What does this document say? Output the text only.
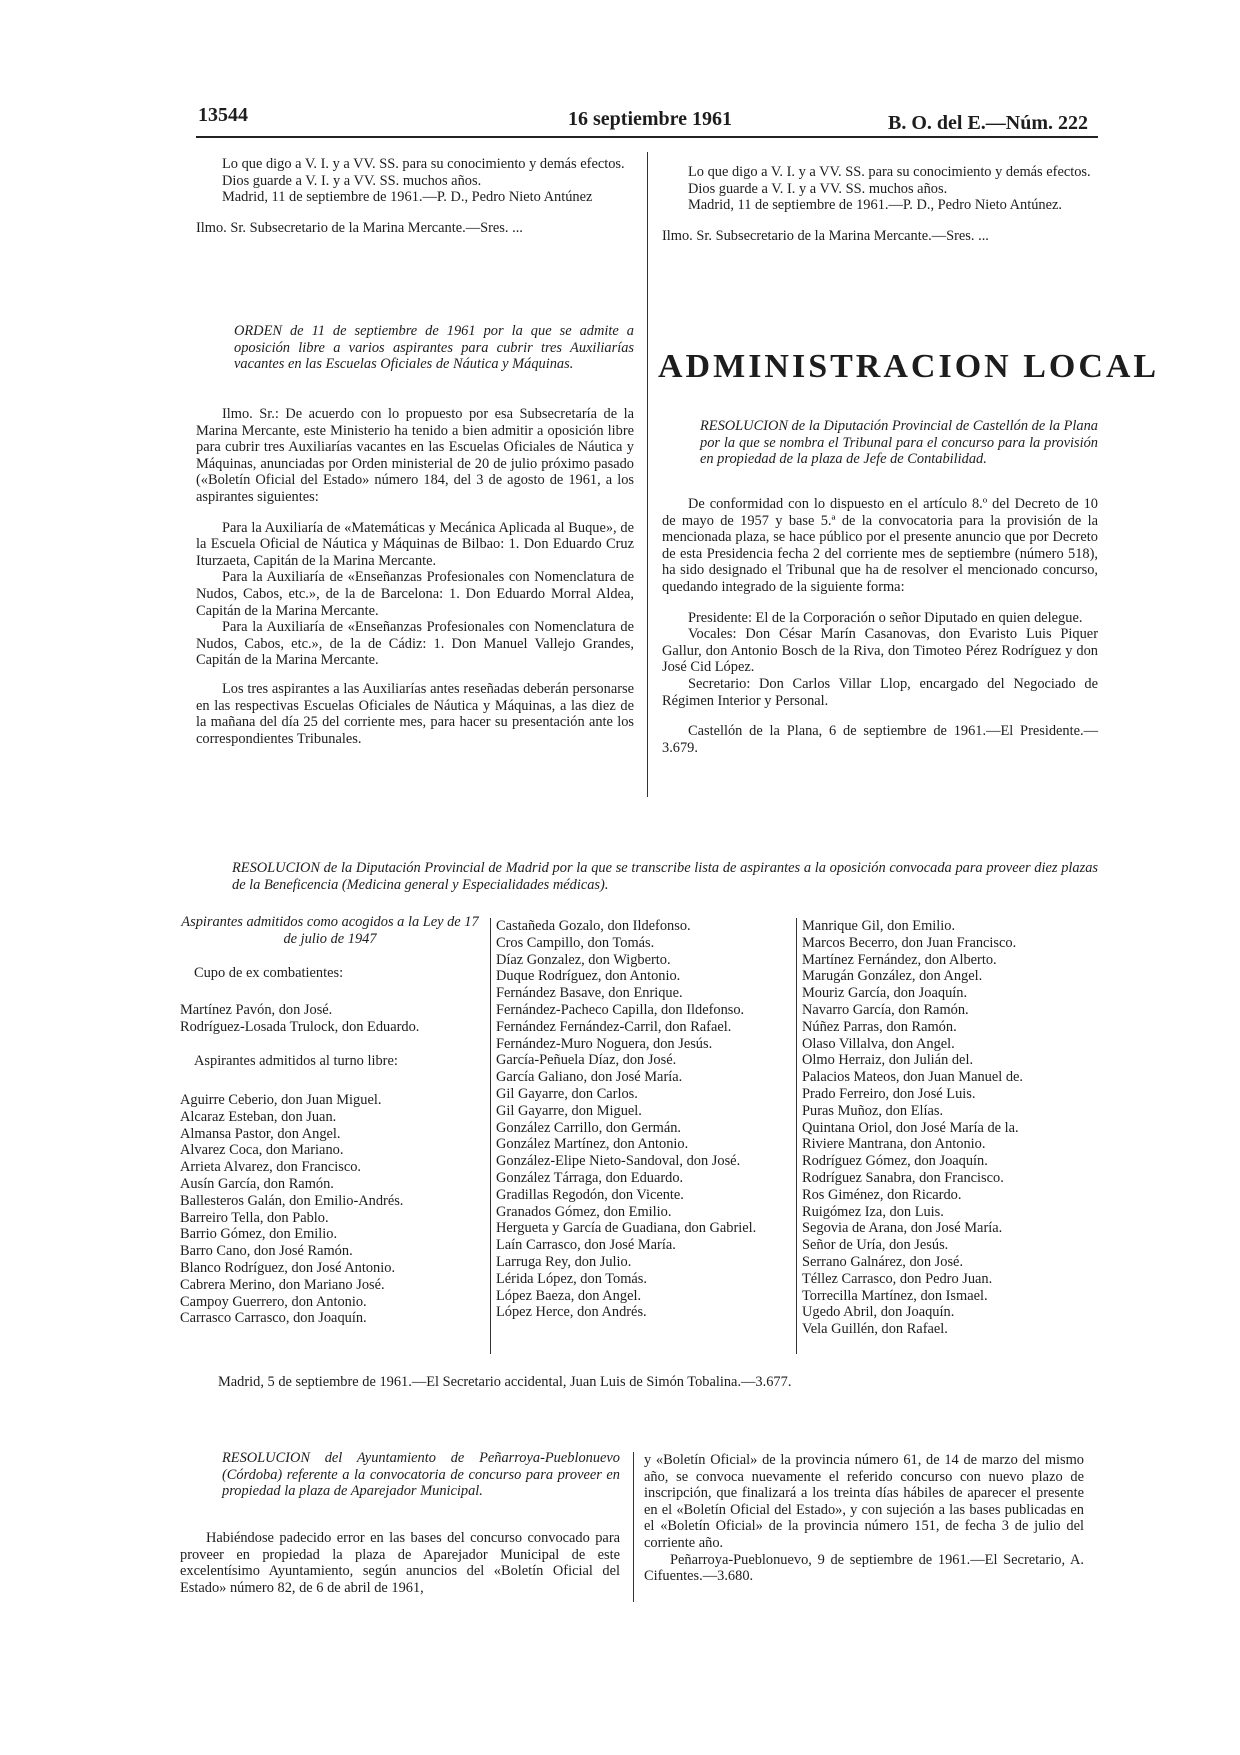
13544	16 septiembre 1961	B. O. del E.—Núm. 222

Lo que digo a V. I. y a VV. SS. para su conocimiento y demás efectos.

Dios guarde a V. I. y a VV. SS. muchos años.

Madrid, 11 de septiembre de 1961.—P. D., Pedro Nieto Antúnez

Ilmo. Sr. Subsecretario de la Marina Mercante.—Sres. ...

ORDEN de 11 de septiembre de 1961 por la que se admite a oposición libre a varios aspirantes para cubrir tres Auxiliarías vacantes en las Escuelas Oficiales de Náutica y Máquinas.

Ilmo. Sr.: De acuerdo con lo propuesto por esa Subsecretaría de la Marina Mercante, este Ministerio ha tenido a bien admitir a oposición libre para cubrir tres Auxiliarías vacantes en las Escuelas Oficiales de Náutica y Máquinas, anunciadas por Orden ministerial de 20 de julio próximo pasado («Boletín Oficial del Estado» número 184, del 3 de agosto de 1961, a los aspirantes siguientes:

Para la Auxiliaría de «Matemáticas y Mecánica Aplicada al Buque», de la Escuela Oficial de Náutica y Máquinas de Bilbao: 1. Don Eduardo Cruz Iturzaeta, Capitán de la Marina Mercante.

Para la Auxiliaría de «Enseñanzas Profesionales con Nomenclatura de Nudos, Cabos, etc.», de la de Barcelona: 1. Don Eduardo Morral Aldea, Capitán de la Marina Mercante.

Para la Auxiliaría de «Enseñanzas Profesionales con Nomenclatura de Nudos, Cabos, etc.», de la de Cádiz: 1. Don Manuel Vallejo Grandes, Capitán de la Marina Mercante.

Los tres aspirantes a las Auxiliarías antes reseñadas deberán personarse en las respectivas Escuelas Oficiales de Náutica y Máquinas, a las diez de la mañana del día 25 del corriente mes, para hacer su presentación ante los correspondientes Tribunales.

Lo que digo a V. I. y a VV. SS. para su conocimiento y demás efectos.

Dios guarde a V. I. y a VV. SS. muchos años.

Madrid, 11 de septiembre de 1961.—P. D., Pedro Nieto Antúnez.

Ilmo. Sr. Subsecretario de la Marina Mercante.—Sres. ...

ADMINISTRACION LOCAL
RESOLUCION de la Diputación Provincial de Castellón de la Plana por la que se nombra el Tribunal para el concurso para la provisión en propiedad de la plaza de Jefe de Contabilidad.

De conformidad con lo dispuesto en el artículo 8.º del Decreto de 10 de mayo de 1957 y base 5.ª de la convocatoria para la provisión de la mencionada plaza, se hace público por el presente anuncio que por Decreto de esta Presidencia fecha 2 del corriente mes de septiembre (número 518), ha sido designado el Tribunal que ha de resolver el mencionado concurso, quedando integrado de la siguiente forma:

Presidente: El de la Corporación o señor Diputado en quien delegue.

Vocales: Don César Marín Casanovas, don Evaristo Luis Piquer Gallur, don Antonio Bosch de la Riva, don Timoteo Pérez Rodríguez y don José Cid López.

Secretario: Don Carlos Villar Llop, encargado del Negociado de Régimen Interior y Personal.

Castellón de la Plana, 6 de septiembre de 1961.—El Presidente.—3.679.

RESOLUCION de la Diputación Provincial de Madrid por la que se transcribe lista de aspirantes a la oposición convocada para proveer diez plazas de la Beneficencia (Medicina general y Especialidades médicas).
Aspirantes admitidos como acogidos a la Ley de 17 de julio de 1947
Cupo de ex combatientes:
Martínez Pavón, don José.
Rodríguez-Losada Trulock, don Eduardo.
Aspirantes admitidos al turno libre:
Aguirre Ceberio, don Juan Miguel.
Alcaraz Esteban, don Juan.
Almansa Pastor, don Angel.
Alvarez Coca, don Mariano.
Arrieta Alvarez, don Francisco.
Ausín García, don Ramón.
Ballesteros Galán, don Emilio-Andrés.
Barreiro Tella, don Pablo.
Barrio Gómez, don Emilio.
Barro Cano, don José Ramón.
Blanco Rodríguez, don José Antonio.
Cabrera Merino, don Mariano José.
Campoy Guerrero, don Antonio.
Carrasco Carrasco, don Joaquín.
Castañeda Gozalo, don Ildefonso.
Cros Campillo, don Tomás.
Díaz Gonzalez, don Wigberto.
Duque Rodríguez, don Antonio.
Fernández Basave, don Enrique.
Fernández-Pacheco Capilla, don Ildefonso.
Fernández Fernández-Carril, don Rafael.
Fernández-Muro Noguera, don Jesús.
García-Peñuela Díaz, don José.
García Galiano, don José María.
Gil Gayarre, don Carlos.
Gil Gayarre, don Miguel.
González Carrillo, don Germán.
González Martínez, don Antonio.
González-Elipe Nieto-Sandoval, don José.
González Tárraga, don Eduardo.
Gradillas Regodón, don Vicente.
Granados Gómez, don Emilio.
Hergueta y García de Guadiana, don Gabriel.
Laín Carrasco, don José María.
Larruga Rey, don Julio.
Lérida López, don Tomás.
López Baeza, don Angel.
López Herce, don Andrés.
Manrique Gil, don Emilio.
Marcos Becerro, don Juan Francisco.
Martínez Fernández, don Alberto.
Marugán González, don Angel.
Mouriz García, don Joaquín.
Navarro García, don Ramón.
Núñez Parras, don Ramón.
Olaso Villalva, don Angel.
Olmo Herraiz, don Julián del.
Palacios Mateos, don Juan Manuel de.
Prado Ferreiro, don José Luis.
Puras Muñoz, don Elías.
Quintana Oriol, don José María de la.
Riviere Mantrana, don Antonio.
Rodríguez Gómez, don Joaquín.
Rodríguez Sanabra, don Francisco.
Ros Giménez, don Ricardo.
Ruigómez Iza, don Luis.
Segovia de Arana, don José María.
Señor de Uría, don Jesús.
Serrano Galnárez, don José.
Téllez Carrasco, don Pedro Juan.
Torrecilla Martínez, don Ismael.
Ugedo Abril, don Joaquín.
Vela Guillén, don Rafael.
Madrid, 5 de septiembre de 1961.—El Secretario accidental, Juan Luis de Simón Tobalina.—3.677.
RESOLUCION del Ayuntamiento de Peñarroya-Pueblonuevo (Córdoba) referente a la convocatoria de concurso para proveer en propiedad la plaza de Aparejador Municipal.

Habiéndose padecido error en las bases del concurso convocado para proveer en propiedad la plaza de Aparejador Municipal de este excelentísimo Ayuntamiento, según anuncios del «Boletín Oficial del Estado» número 82, de 6 de abril de 1961,

y «Boletín Oficial» de la provincia número 61, de 14 de marzo del mismo año, se convoca nuevamente el referido concurso con nuevo plazo de inscripción, que finalizará a los treinta días hábiles de aparecer el presente en el «Boletín Oficial del Estado», y con sujeción a las bases publicadas en el «Boletín Oficial» de la provincia número 151, de fecha 3 de julio del corriente año.

Peñarroya-Pueblonuevo, 9 de septiembre de 1961.—El Secretario, A. Cifuentes.—3.680.
